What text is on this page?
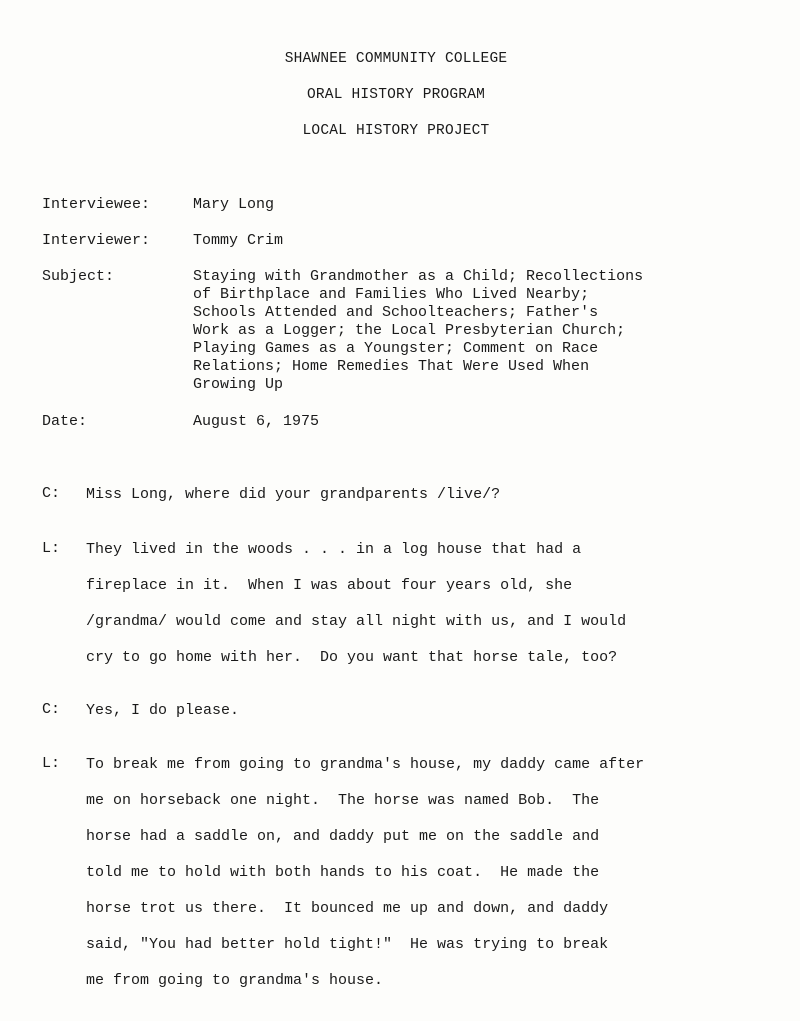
SHAWNEE COMMUNITY COLLEGE
ORAL HISTORY PROGRAM
LOCAL HISTORY PROJECT
Interviewee:	Mary Long
Interviewer:	Tommy Crim
Subject:	Staying with Grandmother as a Child; Recollections
of Birthplace and Families Who Lived Nearby;
Schools Attended and Schoolteachers; Father's
Work as a Logger; the Local Presbyterian Church;
Playing Games as a Youngster; Comment on Race
Relations; Home Remedies That Were Used When
Growing Up
Date:	August 6, 1975
C: Miss Long, where did your grandparents /live/?
L: They lived in the woods . . . in a log house that had a
fireplace in it.  When I was about four years old, she
/grandma/ would come and stay all night with us, and I would
cry to go home with her.  Do you want that horse tale, too?
C: Yes, I do please.
L: To break me from going to grandma's house, my daddy came after
me on horseback one night.  The horse was named Bob.  The
horse had a saddle on, and daddy put me on the saddle and
told me to hold with both hands to his coat.  He made the
horse trot us there.  It bounced me up and down, and daddy
said, "You had better hold tight!"  He was trying to break
me from going to grandma's house.
